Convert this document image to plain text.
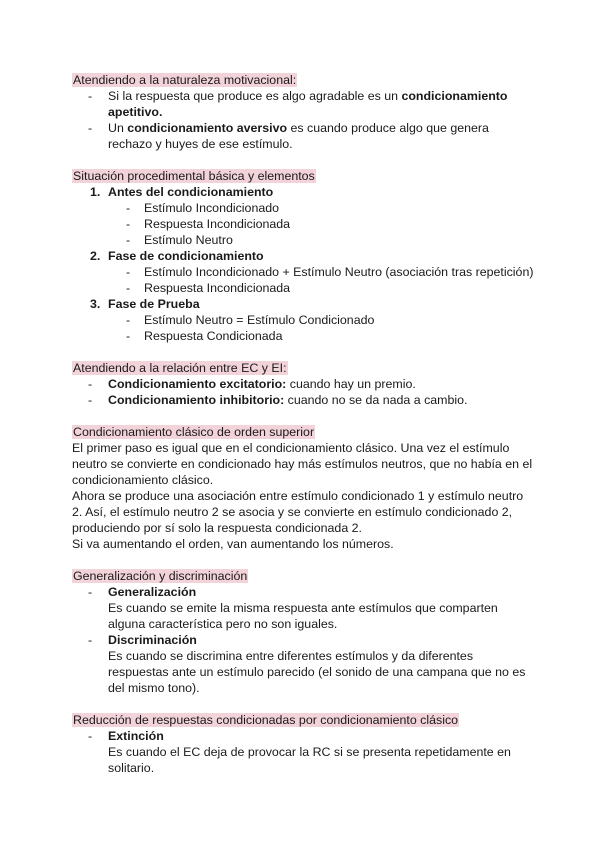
Atendiendo a la naturaleza motivacional:

- Si la respuesta que produce es algo agradable es un condicionamiento apetitivo.
- Un condicionamiento aversivo es cuando produce algo que genera rechazo y huyes de ese estímulo.

Situación procedimental básica y elementos

1. Antes del condicionamiento
- Estímulo Incondicionado
- Respuesta Incondicionada
- Estímulo Neutro
2. Fase de condicionamiento
- Estímulo Incondicionado + Estímulo Neutro (asociación tras repetición)
- Respuesta Incondicionada
3. Fase de Prueba
- Estímulo Neutro = Estímulo Condicionado
- Respuesta Condicionada

Atendiendo a la relación entre EC y EI:

- Condicionamiento excitatorio: cuando hay un premio.
- Condicionamiento inhibitorio: cuando no se da nada a cambio.

Condicionamiento clásico de orden superior

El primer paso es igual que en el condicionamiento clásico. Una vez el estímulo neutro se convierte en condicionado hay más estímulos neutros, que no había en el condicionamiento clásico.

Ahora se produce una asociación entre estímulo condicionado 1 y estímulo neutro 2. Así, el estímulo neutro 2 se asocia y se convierte en estímulo condicionado 2, produciendo por sí solo la respuesta condicionada 2.

Si va aumentando el orden, van aumentando los números.

Generalización y discriminación

- Generalización
Es cuando se emite la misma respuesta ante estímulos que comparten alguna característica pero no son iguales.
- Discriminación
Es cuando se discrimina entre diferentes estímulos y da diferentes respuestas ante un estímulo parecido (el sonido de una campana que no es del mismo tono).

Reducción de respuestas condicionadas por condicionamiento clásico

- Extinción
Es cuando el EC deja de provocar la RC si se presenta repetidamente en solitario.
